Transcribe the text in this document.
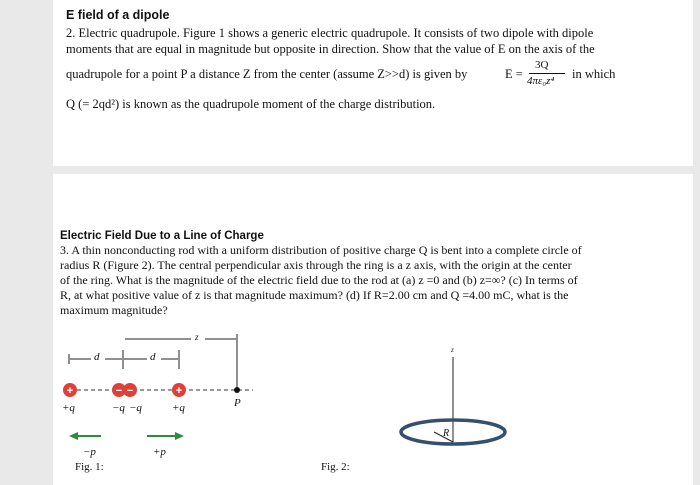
E field of a dipole
2. Electric quadrupole. Figure 1 shows a generic electric quadrupole. It consists of two dipole with dipole
moments that are equal in magnitude but opposite in direction. Show that the value of E on the axis of the
quadrupole for a point P a distance Z from the center (assume Z>>d) is given by	E =
3Q
4πε₀z⁴ in which
Q (= 2qd²) is known as the quadrupole moment of the charge distribution.
Electric Field Due to a Line of Charge
3. A thin nonconducting rod with a uniform distribution of positive charge Q is bent into a complete circle of
radius R (Figure 2). The central perpendicular axis through the ring is a z axis, with the origin at the center
of the ring. What is the magnitude of the electric field due to the rod at (a) z =0 and (b) z=∞? (c) In terms of
R, at what positive value of z is that magnitude maximum? (d) If R=2.00 cm and Q =4.00 mC, what is the
maximum magnitude?
+	− −	+
d	d
z
+q	−q −q	+q	P
−p	+p
Fig. 1:
z
R
Fig. 2:
